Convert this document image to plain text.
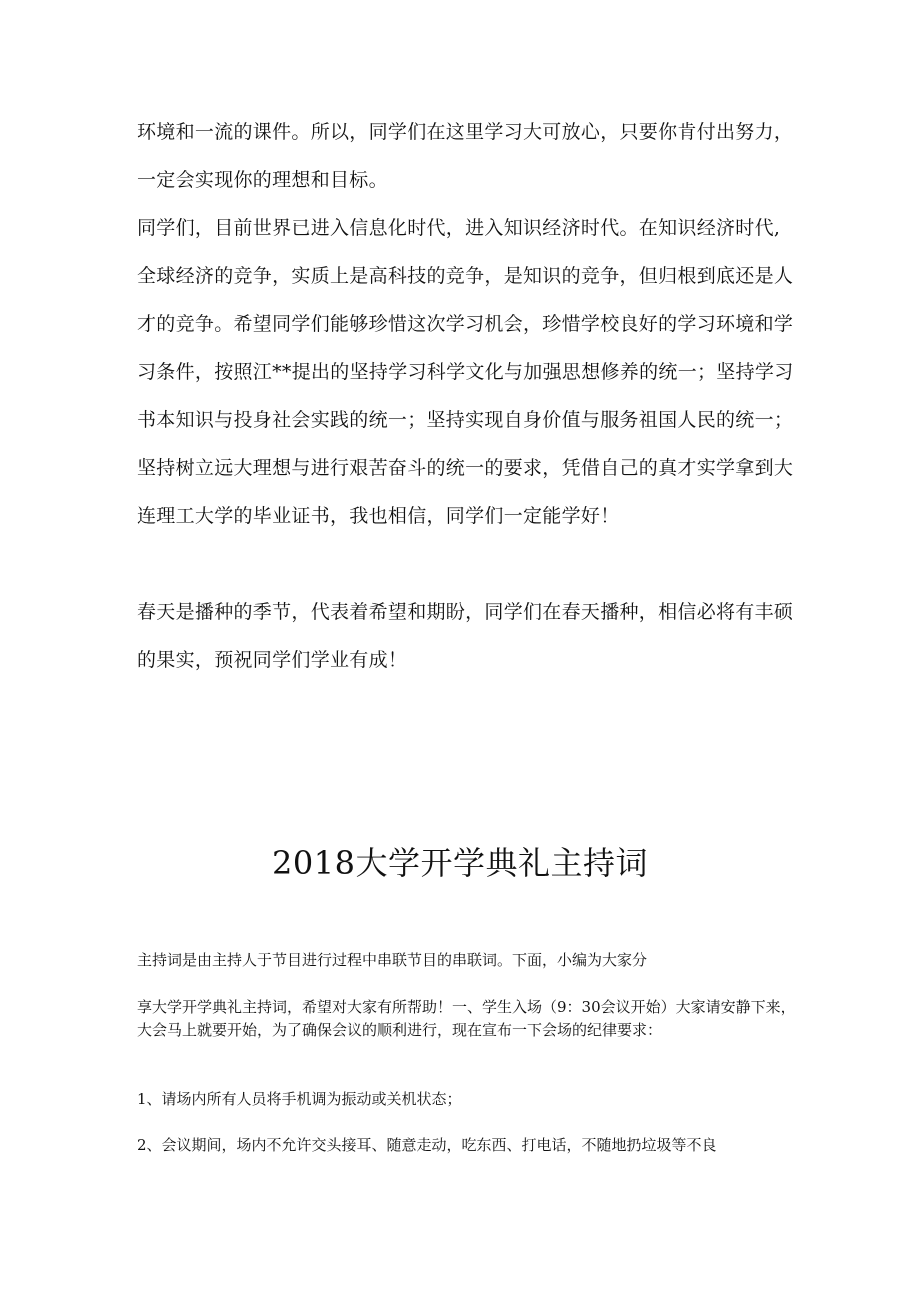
环境和一流的课件。所以，同学们在这里学习大可放心，只要你肯付出努力，一定会实现你的理想和目标。

同学们，目前世界已进入信息化时代，进入知识经济时代。在知识经济时代,全球经济的竞争，实质上是高科技的竞争，是知识的竞争，但归根到底还是人才的竞争。希望同学们能够珍惜这次学习机会，珍惜学校良好的学习环境和学习条件，按照江**提出的坚持学习科学文化与加强思想修养的统一；坚持学习书本知识与投身社会实践的统一；坚持实现自身价值与服务祖国人民的统一；坚持树立远大理想与进行艰苦奋斗的统一的要求，凭借自己的真才实学拿到大连理工大学的毕业证书，我也相信，同学们一定能学好！

春天是播种的季节，代表着希望和期盼，同学们在春天播种，相信必将有丰硕的果实，预祝同学们学业有成！

2018大学开学典礼主持词

主持词是由主持人于节目进行过程中串联节目的串联词。下面，小编为大家分

享大学开学典礼主持词，希望对大家有所帮助！一、学生入场（9：30会议开始）大家请安静下来，大会马上就要开始，为了确保会议的顺利进行，现在宣布一下会场的纪律要求：

1、请场内所有人员将手机调为振动或关机状态；

2、会议期间，场内不允许交头接耳、随意走动，吃东西、打电话，不随地扔垃圾等不良
